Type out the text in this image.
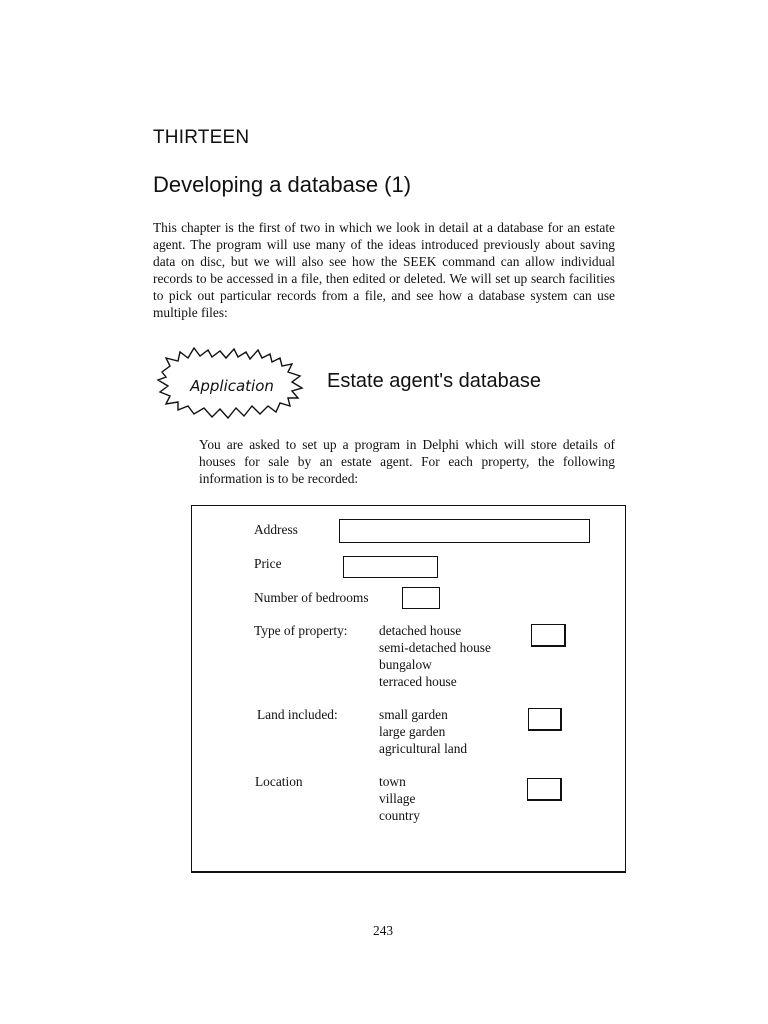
THIRTEEN
Developing a database (1)

This chapter is the first of two in which we look in detail at a database for an estate agent. The program will use many of the ideas introduced previously about saving data on disc, but we will also see how the SEEK command can allow individual records to be accessed in a file, then edited or deleted. We will set up search facilities to pick out particular records from a file, and see how a database system can use multiple files:

Application	Estate agent's database

You are asked to set up a program in Delphi which will store details of houses for sale by an estate agent. For each property, the following information is to be recorded:

Address
Price
Number of bedrooms
Type of property: detached house
semi-detached house
bungalow
terraced house
Land included:	small garden
large garden
agricultural land
Location	town
village
country
243
